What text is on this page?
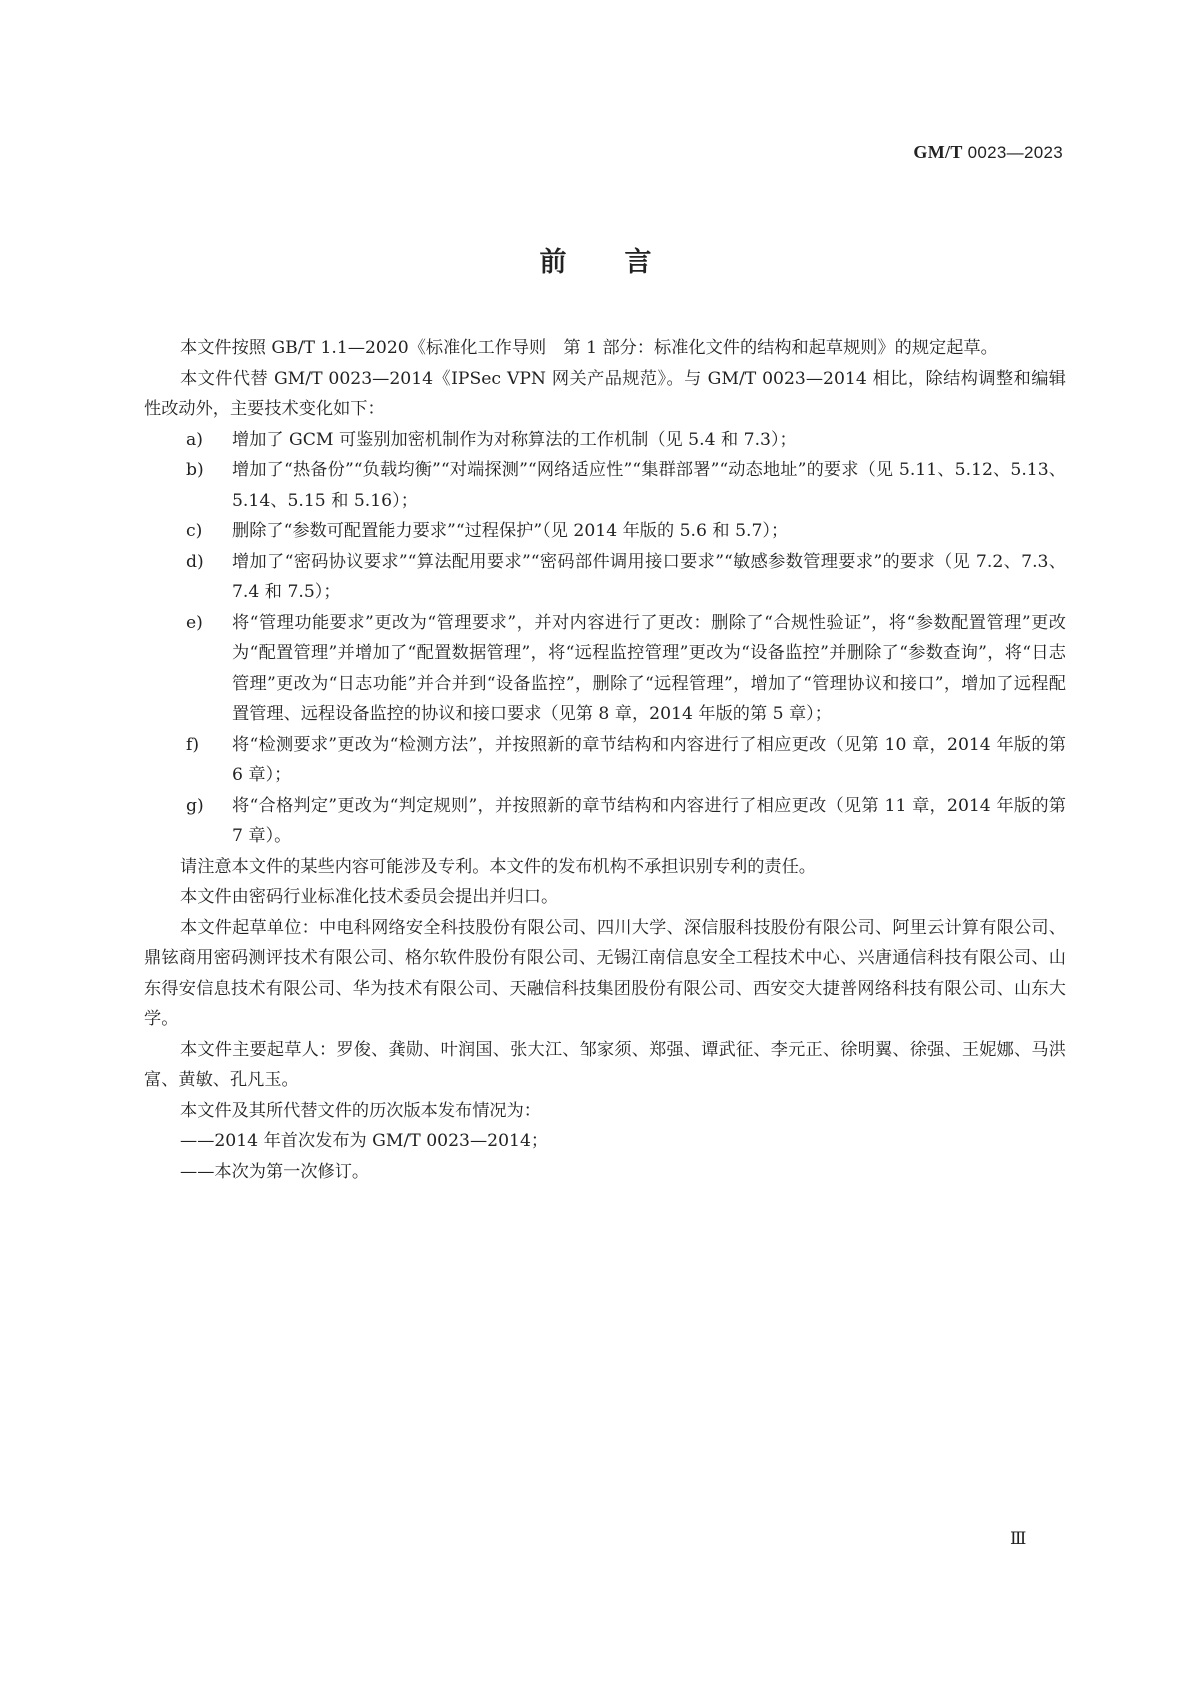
GM/T 0023—2023
前言

本文件按照 GB/T 1.1—2020《标准化工作导则　第 1 部分：标准化文件的结构和起草规则》的规定起草。

本文件代替 GM/T 0023—2014《IPSec VPN 网关产品规范》。与 GM/T 0023—2014 相比，除结构调整和编辑性改动外，主要技术变化如下：

a) 增加了 GCM 可鉴别加密机制作为对称算法的工作机制（见 5.4 和 7.3）；
b) 增加了“热备份”“负载均衡”“对端探测”“网络适应性”“集群部署”“动态地址”的要求（见 5.11、5.12、5.13、5.14、5.15 和 5.16）；
c) 删除了“参数可配置能力要求”“过程保护”（见 2014 年版的 5.6 和 5.7）；
d) 增加了“密码协议要求”“算法配用要求”“密码部件调用接口要求”“敏感参数管理要求”的要求（见 7.2、7.3、7.4 和 7.5）；
e) 将“管理功能要求”更改为“管理要求”，并对内容进行了更改：删除了“合规性验证”，将“参数配置管理”更改为“配置管理”并增加了“配置数据管理”，将“远程监控管理”更改为“设备监控”并删除了“参数查询”，将“日志管理”更改为“日志功能”并合并到“设备监控”，删除了“远程管理”，增加了“管理协议和接口”，增加了远程配置管理、远程设备监控的协议和接口要求（见第 8 章，2014 年版的第 5 章）；
f) 将“检测要求”更改为“检测方法”，并按照新的章节结构和内容进行了相应更改（见第 10 章，2014 年版的第 6 章）；
g) 将“合格判定”更改为“判定规则”，并按照新的章节结构和内容进行了相应更改（见第 11 章，2014 年版的第 7 章）。

请注意本文件的某些内容可能涉及专利。本文件的发布机构不承担识别专利的责任。

本文件由密码行业标准化技术委员会提出并归口。

本文件起草单位：中电科网络安全科技股份有限公司、四川大学、深信服科技股份有限公司、阿里云计算有限公司、鼎铉商用密码测评技术有限公司、格尔软件股份有限公司、无锡江南信息安全工程技术中心、兴唐通信科技有限公司、山东得安信息技术有限公司、华为技术有限公司、天融信科技集团股份有限公司、西安交大捷普网络科技有限公司、山东大学。

本文件主要起草人：罗俊、龚勋、叶润国、张大江、邹家须、郑强、谭武征、李元正、徐明翼、徐强、王妮娜、马洪富、黄敏、孔凡玉。

本文件及其所代替文件的历次版本发布情况为：

——2014 年首次发布为 GM/T 0023—2014；

——本次为第一次修订。

Ⅲ
